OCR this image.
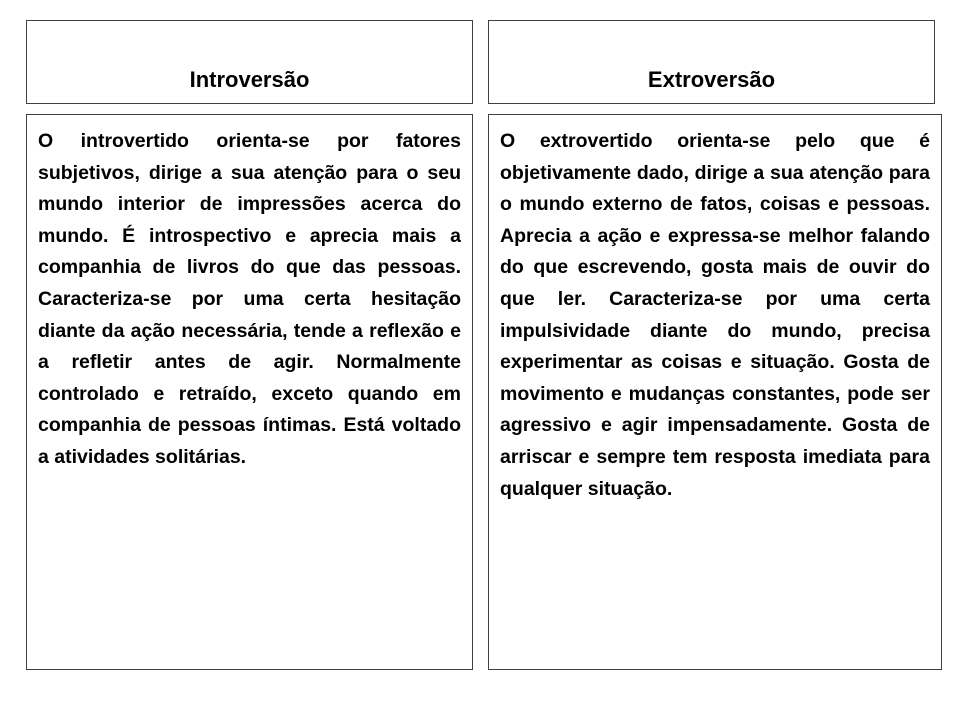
Introversão	Extroversão

O introvertido orienta-se por fatores subjetivos, dirige a sua atenção para o seu mundo interior de impressões acerca do mundo. É introspectivo e aprecia mais a companhia de livros do que das pessoas. Caracteriza-se por uma certa hesitação diante da ação necessária, tende a reflexão e a refletir antes de agir. Normalmente controlado e retraído, exceto quando em companhia de pessoas íntimas. Está voltado a atividades solitárias.

O extrovertido orienta-se pelo que é objetivamente dado, dirige a sua atenção para o mundo externo de fatos, coisas e pessoas. Aprecia a ação e expressa-se melhor falando do que escrevendo, gosta mais de ouvir do que ler. Caracteriza-se por uma certa impulsividade diante do mundo, precisa experimentar as coisas e situação. Gosta de movimento e mudanças constantes, pode ser agressivo e agir impensadamente. Gosta de arriscar e sempre tem resposta imediata para qualquer situação.
